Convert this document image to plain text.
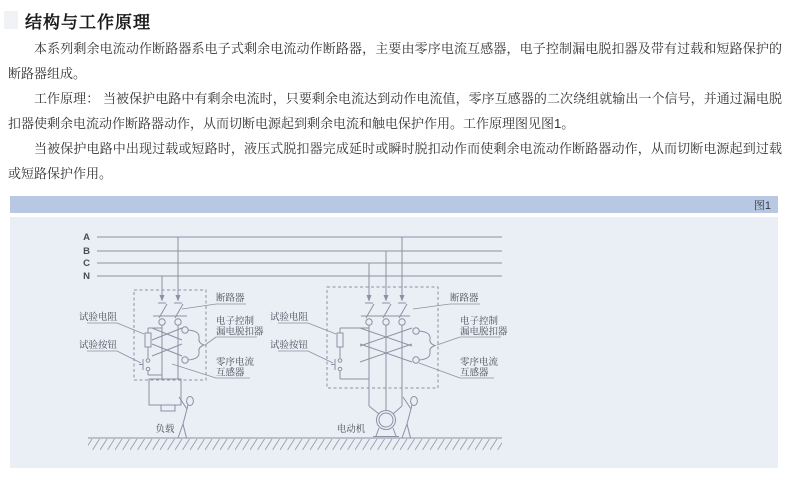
结构与工作原理

本系列剩余电流动作断路器系电子式剩余电流动作断路器，主要由零序电流互感器，电子控制漏电脱扣器及带有过载和短路保护的断路器组成。

工作原理： 当被保护电路中有剩余电流时，只要剩余电流达到动作电流值，零序互感器的二次绕组就输出一个信号，并通过漏电脱扣器使剩余电流动作断路器动作，从而切断电源起到剩余电流和触电保护作用。工作原理图见图1。

当被保护电路中出现过载或短路时，液压式脱扣器完成延时或瞬时脱扣动作而使剩余电流动作断路器动作，从而切断电源起到过载或短路保护作用。

图1
A
B
C
N
断路器
电子控制
漏电脱扣器
零序电流
互感器
试验电阻
试验按钮
负载
断路器
电子控制
漏电脱扣器
零序电流
互感器
试验电阻
试验按钮
电动机
